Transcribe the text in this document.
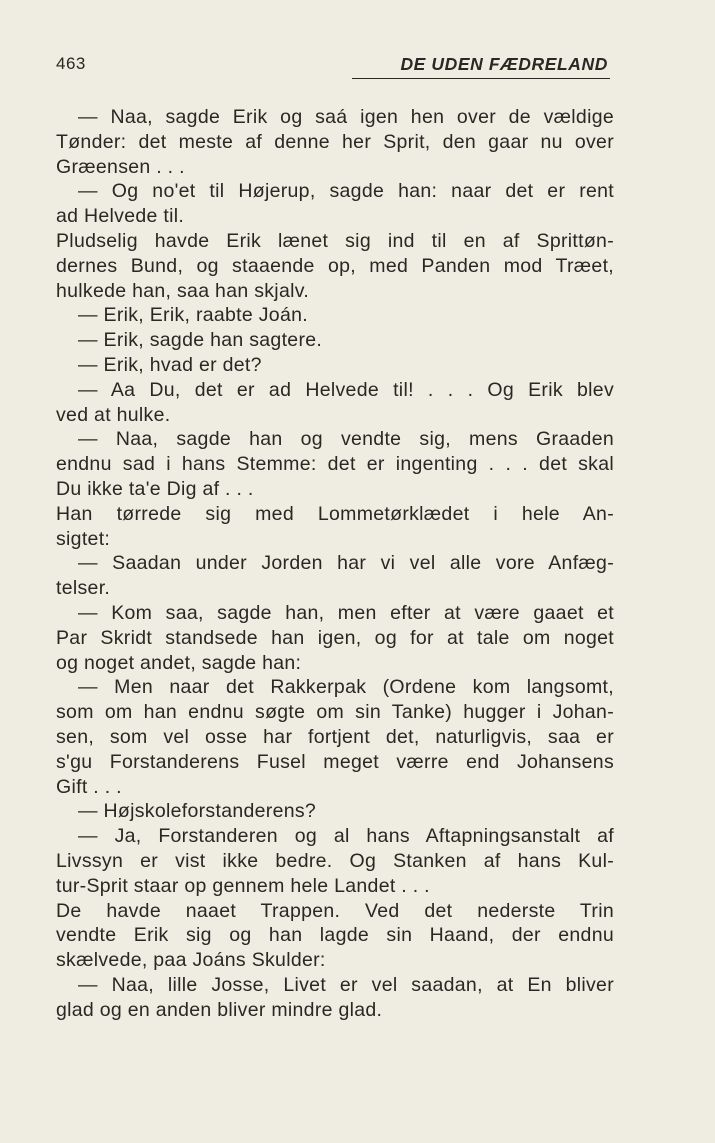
463	DE UDEN FÆDRELAND
— Naa, sagde Erik og saá igen hen over de vældige
Tønder: det meste af denne her Sprit, den gaar nu over
Græensen . . .
— Og no'et til Højerup, sagde han: naar det er rent
ad Helvede til.
Pludselig havde Erik lænet sig ind til en af Sprittøn-
dernes Bund, og staaende op, med Panden mod Træet,
hulkede han, saa han skjalv.
— Erik, Erik, raabte Joán.
— Erik, sagde han sagtere.
— Erik, hvad er det?
— Aa Du, det er ad Helvede til! . . . Og Erik blev
ved at hulke.
— Naa, sagde han og vendte sig, mens Graaden
endnu sad i hans Stemme: det er ingenting . . . det skal
Du ikke ta'e Dig af . . .
Han tørrede sig med Lommetørklædet i hele An-
sigtet:
— Saadan under Jorden har vi vel alle vore Anfæg-
telser.
— Kom saa, sagde han, men efter at være gaaet et
Par Skridt standsede han igen, og for at tale om noget
og noget andet, sagde han:
— Men naar det Rakkerpak (Ordene kom langsomt,
som om han endnu søgte om sin Tanke) hugger i Johan-
sen, som vel osse har fortjent det, naturligvis, saa er
s'gu Forstanderens Fusel meget værre end Johansens
Gift . . .
— Højskoleforstanderens?
— Ja, Forstanderen og al hans Aftapningsanstalt af
Livssyn er vist ikke bedre. Og Stanken af hans Kul-
tur-Sprit staar op gennem hele Landet . . .
De havde naaet Trappen. Ved det nederste Trin
vendte Erik sig og han lagde sin Haand, der endnu
skælvede, paa Joáns Skulder:
— Naa, lille Josse, Livet er vel saadan, at En bliver
glad og en anden bliver mindre glad.
